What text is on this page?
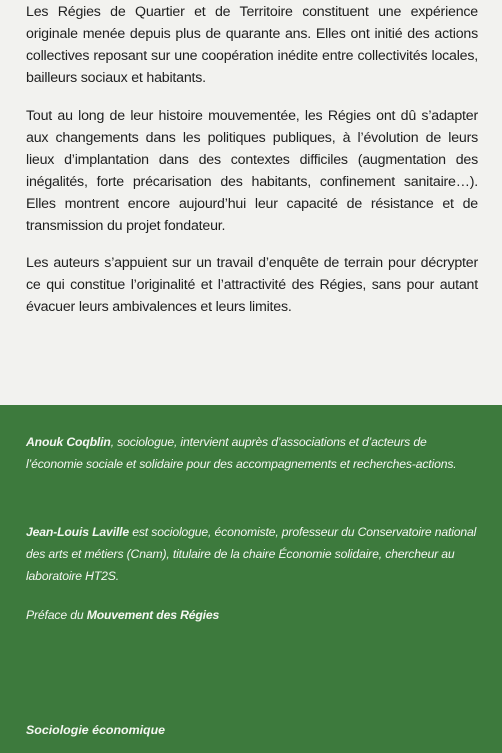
Les Régies de Quartier et de Territoire constituent une expérience originale menée depuis plus de quarante ans. Elles ont initié des actions collectives reposant sur une coopération inédite entre collectivités locales, bailleurs sociaux et habitants.

Tout au long de leur histoire mouvementée, les Régies ont dû s’adapter aux changements dans les politiques publiques, à l’évolution de leurs lieux d’implantation dans des contextes difficiles (augmentation des inégalités, forte précarisation des habitants, confinement sanitaire…). Elles montrent encore aujourd’hui leur capacité de résistance et de transmission du projet fondateur.

Les auteurs s’appuient sur un travail d’enquête de terrain pour décrypter ce qui constitue l’originalité et l’attractivité des Régies, sans pour autant évacuer leurs ambivalences et leurs limites.

Anouk Coqblin, sociologue, intervient auprès d’associations et d’acteurs de l’économie sociale et solidaire pour des accompagnements et recherches-actions.

Jean-Louis Laville est sociologue, économiste, professeur du Conservatoire national des arts et métiers (Cnam), titulaire de la chaire Économie solidaire, chercheur au laboratoire HT2S.

Préface du Mouvement des Régies

Sociologie économique
